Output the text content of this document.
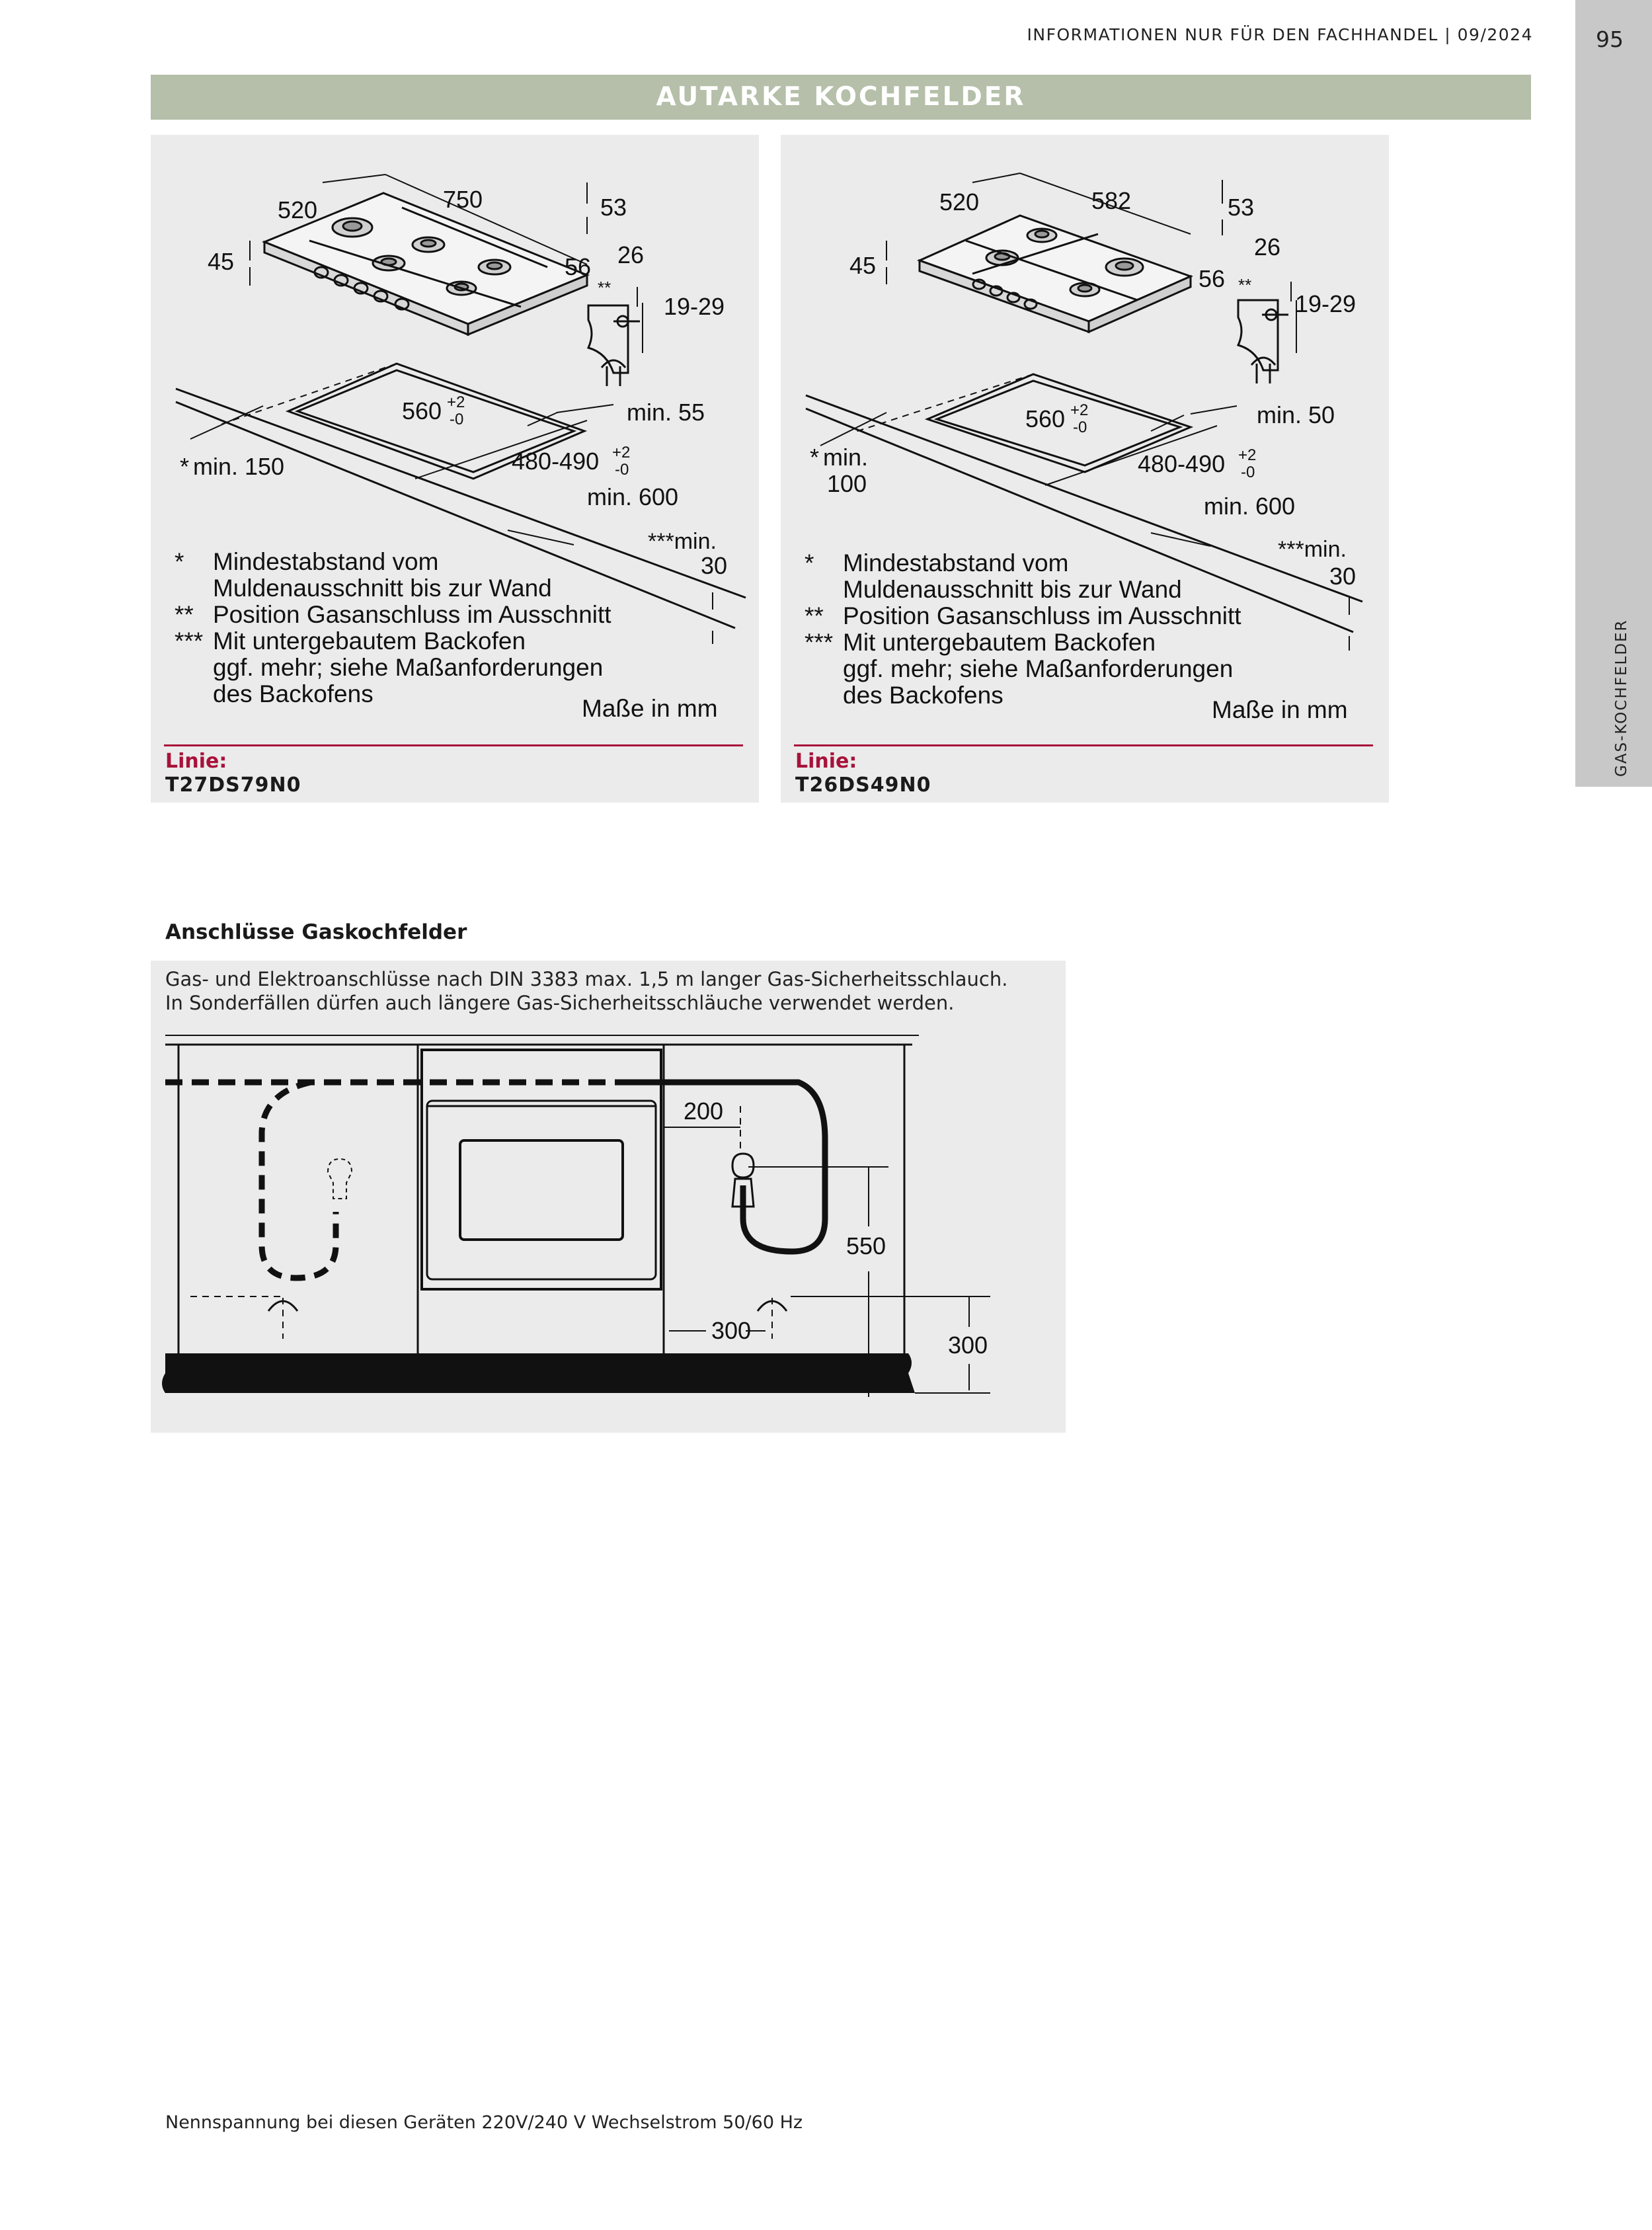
INFORMATIONEN NUR FÜR DEN FACHHANDEL | 09/2024	95
GAS-KOCHFELDER
AUTARKE KOCHFELDER
520	750	53
45	56 26
**
19-29
560 +2
-0
480-490 +2
-0
min. 55
* min. 150
min. 600
***min.
30
* Mindestabstand vom
Muldenausschnitt bis zur Wand
** Position Gasanschluss im Ausschnitt
*** Mit untergebautem Backofen
ggf. mehr; siehe Maßanforderungen
des Backofens
Maße in mm
Linie:
T27DS79N0
520	582	53
45	56
26
**
19-29
560 +2
-0
480-490 +2
-0
min. 50
* min.
100
min. 600
***min.
30
* Mindestabstand vom
Muldenausschnitt bis zur Wand
** Position Gasanschluss im Ausschnitt
*** Mit untergebautem Backofen
ggf. mehr; siehe Maßanforderungen
des Backofens
Maße in mm
Linie:
T26DS49N0
Anschlüsse Gaskochfelder
Gas- und Elektroanschlüsse nach DIN 3383 max. 1,5 m langer Gas-Sicherheitsschlauch.
In Sonderfällen dürfen auch längere Gas-Sicherheitsschläuche verwendet werden.
200
550
300
300
Nennspannung bei diesen Geräten 220V/240 V Wechselstrom 50/60 Hz
